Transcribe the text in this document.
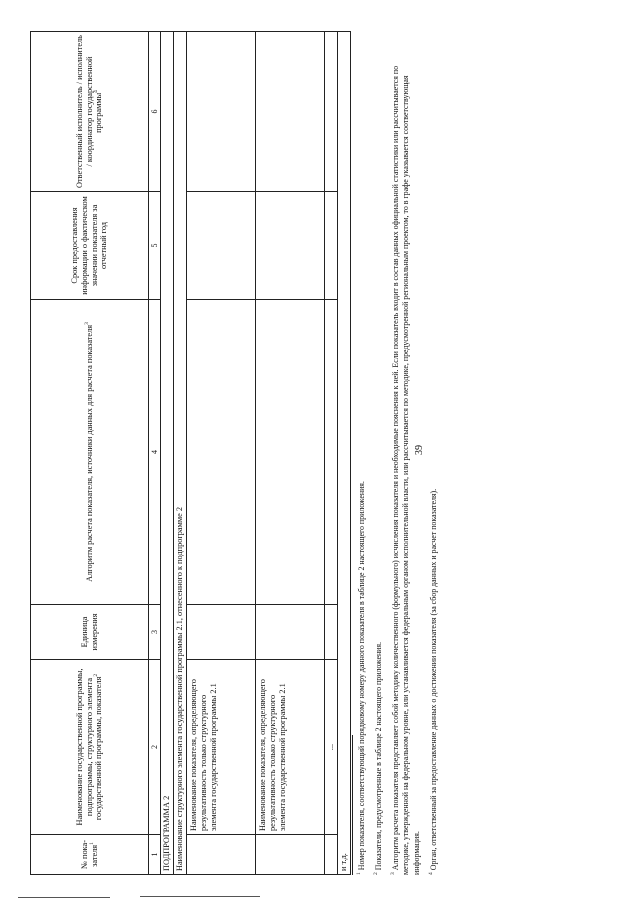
39
№ пока-зателя$^1$	Наименование государственной программы, подпрограммы, структурного элемента государственной программы, показателя$^2$	Единица измерения	Алгоритм расчета показателя, источники данных для расчета показателя$^3$	Срок предоставления информации о фактическом значении показателя за отчетный год	Ответственный исполнитель / исполнитель / координатор государственной программы$^4$
1	2	3	4	5	6
ПОДПРОГРАММА 2					
Наименование структурного элемента государственной программы 2.1, отнесенного к подпрограмме 2					
	Наименование показателя, определяющего результативность только структурного элемента государственной программы 2.1				
	Наименование показателя, определяющего результативность только структурного элемента государственной программы 2.1				
	...				
и т.д.					
$^1$Номер показателя, соответствующий порядковому номеру данного показателя в таблице 2 настоящего приложения.
$^2$Показатели, предусмотренные в таблице 2 настоящего приложения.
$^3$Алгоритм расчета показателя представляет собой методику количественного (формульного) исчисления показателя и необходимые пояснения к ней. Если показатель входит в состав данных официальной статистики или рассчитывается по методике, утвержденной на федеральном уровне, или устанавливается федеральным органом исполнительной власти, или рассчитывается по методике, предусмотренной региональным проектом, то в графе указывается соответствующая информация.	$^4$Орган, ответственный за предоставление данных о достижении показателя (за сбор данных и расчет показателя).
